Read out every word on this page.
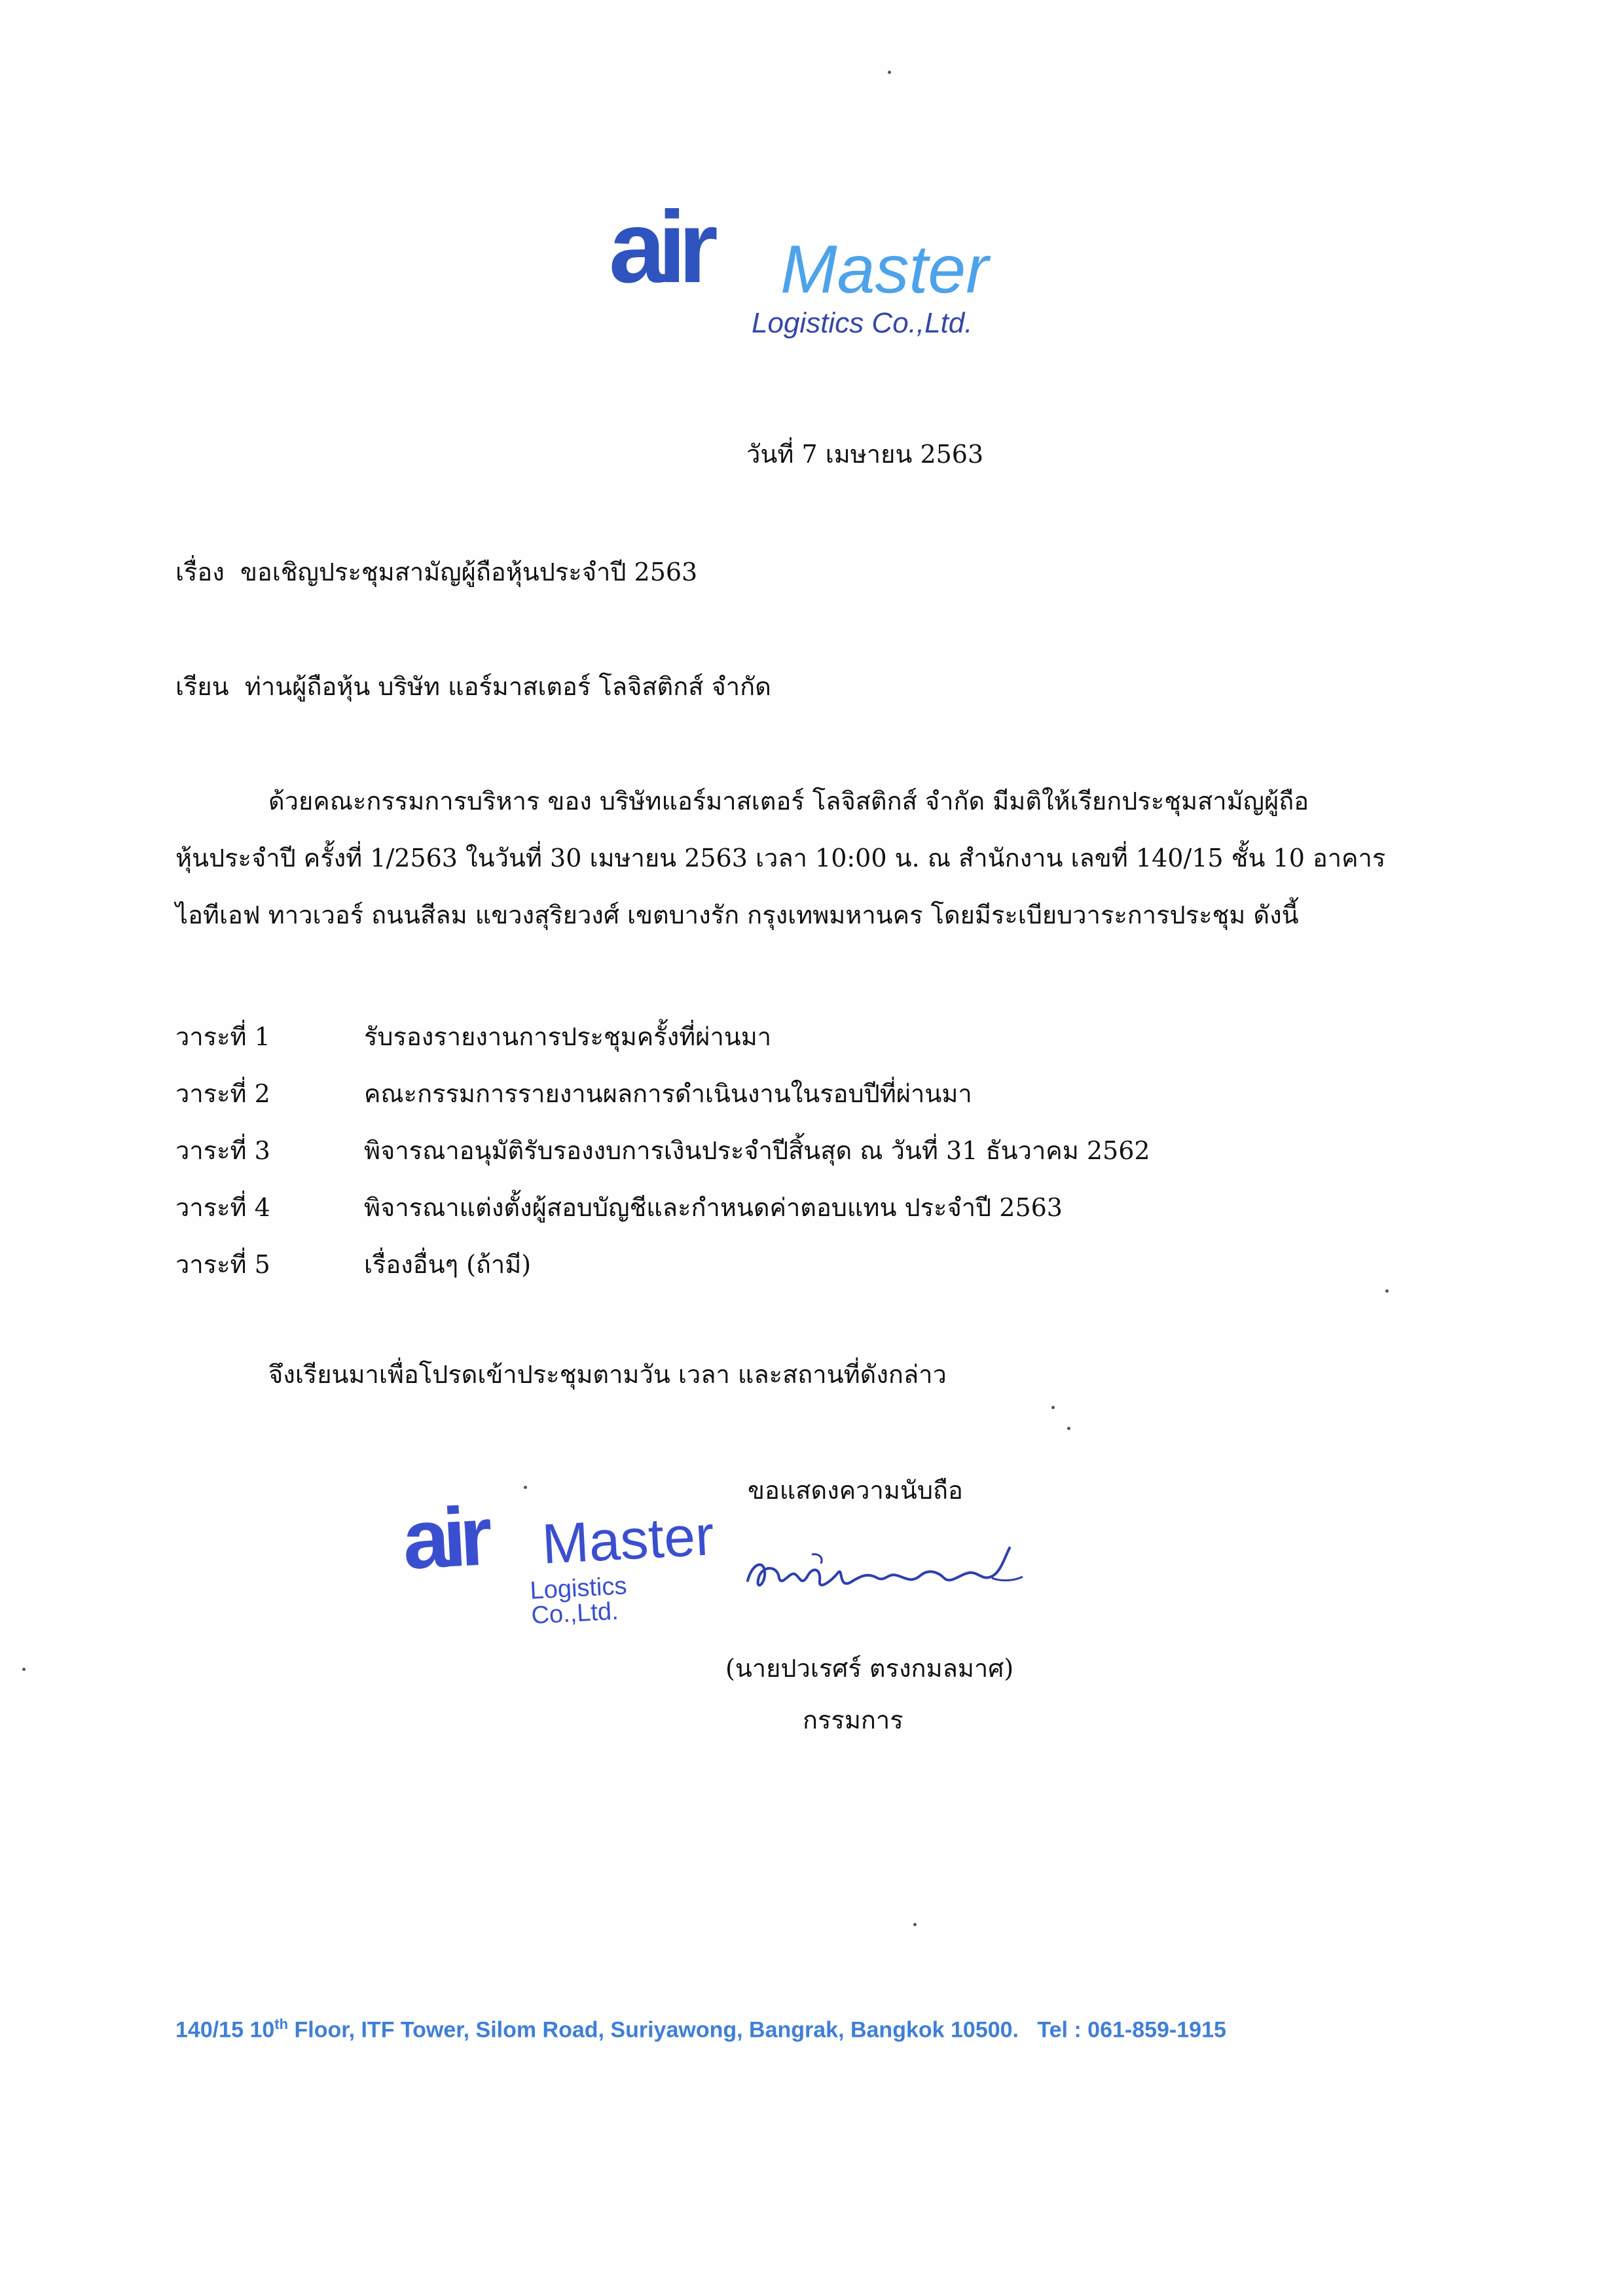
air Master
Logistics Co.,Ltd.
วันที่ 7 เมษายน 2563
เรื่อง ขอเชิญประชุมสามัญผู้ถือหุ้นประจำปี 2563
เรียน ท่านผู้ถือหุ้น บริษัท แอร์มาสเตอร์ โลจิสติกส์ จำกัด
ด้วยคณะกรรมการบริหาร ของ บริษัทแอร์มาสเตอร์ โลจิสติกส์ จำกัด มีมติให้เรียกประชุมสามัญผู้ถือ
หุ้นประจำปี ครั้งที่ 1/2563 ในวันที่ 30 เมษายน 2563 เวลา 10:00 น. ณ สำนักงาน เลขที่ 140/15 ชั้น 10 อาคาร
ไอทีเอฟ ทาวเวอร์ ถนนสีลม แขวงสุริยวงศ์ เขตบางรัก กรุงเทพมหานคร โดยมีระเบียบวาระการประชุม ดังนี้
วาระที่ 1	รับรองรายงานการประชุมครั้งที่ผ่านมา
วาระที่ 2	คณะกรรมการรายงานผลการดำเนินงานในรอบปีที่ผ่านมา
วาระที่ 3	พิจารณาอนุมัติรับรองงบการเงินประจำปีสิ้นสุด ณ วันที่ 31 ธันวาคม 2562
วาระที่ 4	พิจารณาแต่งตั้งผู้สอบบัญชีและกำหนดค่าตอบแทน ประจำปี 2563
วาระที่ 5	เรื่องอื่นๆ (ถ้ามี)
จึงเรียนมาเพื่อโปรดเข้าประชุมตามวัน เวลา และสถานที่ดังกล่าว
ขอแสดงความนับถือ
air Master
Logistics Co.,Ltd.
(นายปวเรศร์ ตรงกมลมาศ)
กรรมการ
140/15 10th Floor, ITF Tower, Silom Road, Suriyawong, Bangrak, Bangkok 10500. Tel : 061-859-1915
